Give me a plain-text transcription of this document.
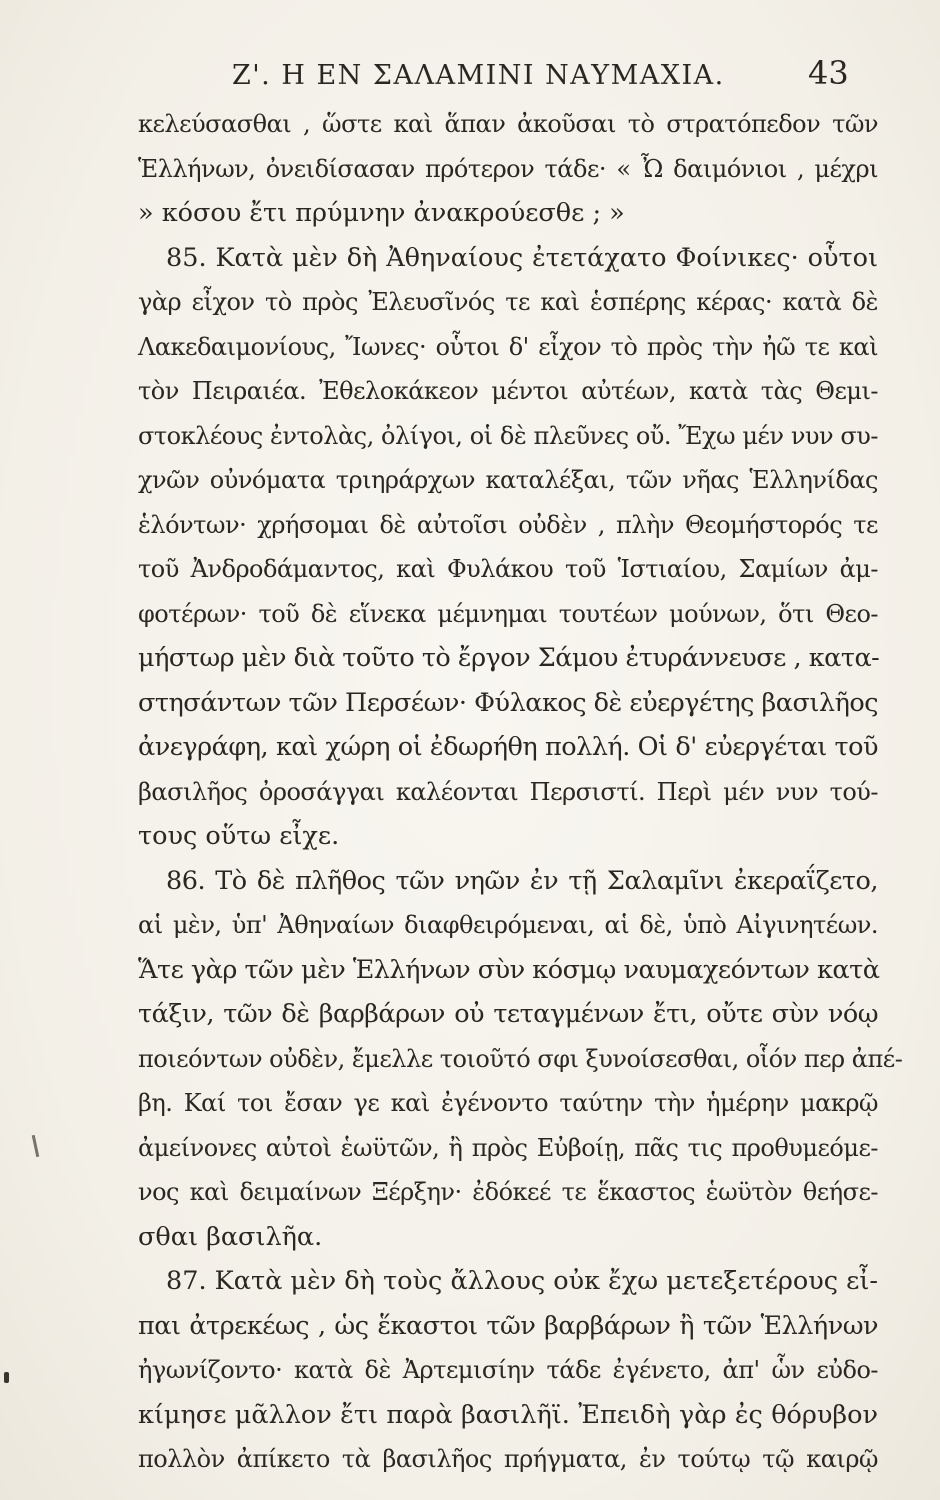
Ζ'. Η ΕΝ ΣΑΛΑΜΙΝΙ ΝΑΥΜΑΧΙΑ.	43
κελεύσασθαι , ὥστε καὶ ἅπαν ἀκοῦσαι τὸ στρατόπεδον τῶν
Ἑλλήνων, ὀνειδίσασαν πρότερον τάδε· « Ὦ δαιμόνιοι , μέχρι
» κόσου ἔτι πρύμνην ἀνακρούεσθε ; »
85. Κατὰ μὲν δὴ Ἀθηναίους ἐτετάχατο Φοίνικες· οὗτοι
γὰρ εἶχον τὸ πρὸς Ἐλευσῖνός τε καὶ ἑσπέρης κέρας· κατὰ δὲ
Λακεδαιμονίους, Ἴωνες· οὗτοι δ' εἶχον τὸ πρὸς τὴν ἠῶ τε καὶ
τὸν Πειραιέα. Ἐθελοκάκεον μέντοι αὐτέων, κατὰ τὰς Θεμι-
στοκλέους ἐντολὰς, ὀλίγοι, οἱ δὲ πλεῦνες οὔ. Ἔχω μέν νυν συ-
χνῶν οὐνόματα τριηράρχων καταλέξαι, τῶν νῆας Ἑλληνίδας
ἑλόντων· χρήσομαι δὲ αὐτοῖσι οὐδὲν , πλὴν Θεομήστορός τε
τοῦ Ἀνδροδάμαντος, καὶ Φυλάκου τοῦ Ἱστιαίου, Σαμίων ἀμ-
φοτέρων· τοῦ δὲ εἵνεκα μέμνημαι τουτέων μούνων, ὅτι Θεο-
μήστωρ μὲν διὰ τοῦτο τὸ ἔργον Σάμου ἐτυράννευσε , κατα-
στησάντων τῶν Περσέων· Φύλακος δὲ εὐεργέτης βασιλῆος
ἀνεγράφη, καὶ χώρη οἱ ἐδωρήθη πολλή. Οἱ δ' εὐεργέται τοῦ
βασιλῆος ὀροσάγγαι καλέονται Περσιστί. Περὶ μέν νυν τού-
τους οὕτω εἶχε.
86. Τὸ δὲ πλῆθος τῶν νηῶν ἐν τῇ Σαλαμῖνι ἐκεραΐζετο,
αἱ μὲν, ὑπ' Ἀθηναίων διαφθειρόμεναι, αἱ δὲ, ὑπὸ Αἰγινητέων.
Ἅτε γὰρ τῶν μὲν Ἑλλήνων σὺν κόσμῳ ναυμαχεόντων κατὰ
τάξιν, τῶν δὲ βαρβάρων οὐ τεταγμένων ἔτι, οὔτε σὺν νόῳ
ποιεόντων οὐδὲν, ἔμελλε τοιοῦτό σφι ξυνοίσεσθαι, οἷόν περ ἀπέ-
βη. Καί τοι ἔσαν γε καὶ ἐγένοντο ταύτην τὴν ἡμέρην μακρῷ
ἀμείνονες αὐτοὶ ἑωϋτῶν, ἢ πρὸς Εὐβοίῃ, πᾶς τις προθυμεόμε-
νος καὶ δειμαίνων Ξέρξην· ἐδόκεέ τε ἕκαστος ἑωϋτὸν θεήσε-
σθαι βασιλῆα.
87. Κατὰ μὲν δὴ τοὺς ἄλλους οὐκ ἔχω μετεξετέρους εἶ-
παι ἀτρεκέως , ὡς ἕκαστοι τῶν βαρβάρων ἢ τῶν Ἑλλήνων
ἠγωνίζοντο· κατὰ δὲ Ἀρτεμισίην τάδε ἐγένετο, ἀπ' ὧν εὐδο-
κίμησε μᾶλλον ἔτι παρὰ βασιλῆϊ. Ἐπειδὴ γὰρ ἐς θόρυβον
πολλὸν ἀπίκετο τὰ βασιλῆος πρήγματα, ἐν τούτῳ τῷ καιρῷ
